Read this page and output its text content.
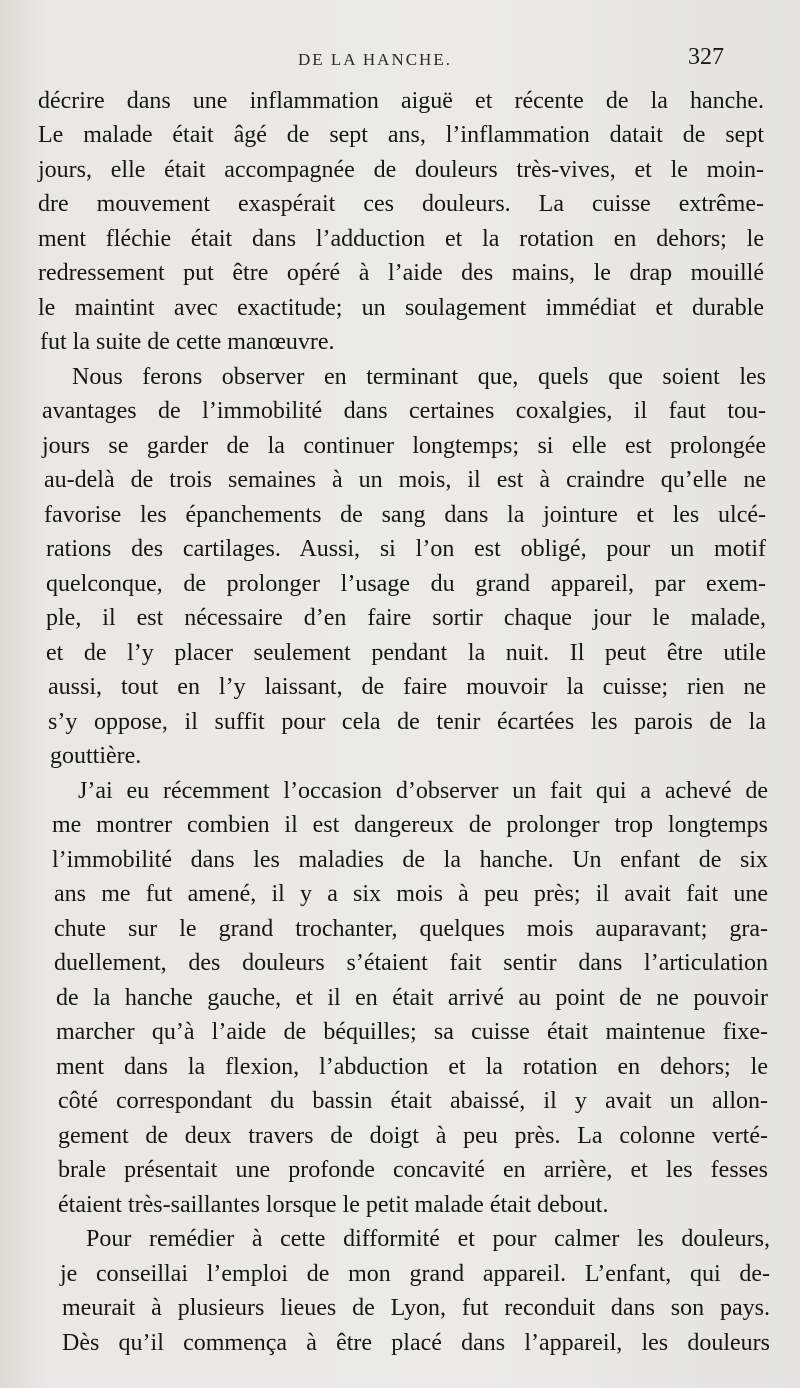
DE LA HANCHE.	327
décrire dans une inflammation aiguë et récente de la hanche.
Le malade était âgé de sept ans, l’inflammation datait de sept
jours, elle était accompagnée de douleurs très-vives, et le moin-
dre mouvement exaspérait ces douleurs. La cuisse extrême-
ment fléchie était dans l’adduction et la rotation en dehors; le
redressement put être opéré à l’aide des mains, le drap mouillé
le maintint avec exactitude; un soulagement immédiat et durable
fut la suite de cette manœuvre.
Nous ferons observer en terminant que, quels que soient les
avantages de l’immobilité dans certaines coxalgies, il faut tou-
jours se garder de la continuer longtemps; si elle est prolongée
au-delà de trois semaines à un mois, il est à craindre qu’elle ne
favorise les épanchements de sang dans la jointure et les ulcé-
rations des cartilages. Aussi, si l’on est obligé, pour un motif
quelconque, de prolonger l’usage du grand appareil, par exem-
ple, il est nécessaire d’en faire sortir chaque jour le malade,
et de l’y placer seulement pendant la nuit. Il peut être utile
aussi, tout en l’y laissant, de faire mouvoir la cuisse; rien ne
s’y oppose, il suffit pour cela de tenir écartées les parois de la
gouttière.
J’ai eu récemment l’occasion d’observer un fait qui a achevé de
me montrer combien il est dangereux de prolonger trop longtemps
l’immobilité dans les maladies de la hanche. Un enfant de six
ans me fut amené, il y a six mois à peu près; il avait fait une
chute sur le grand trochanter, quelques mois auparavant; gra-
duellement, des douleurs s’étaient fait sentir dans l’articulation
de la hanche gauche, et il en était arrivé au point de ne pouvoir
marcher qu’à l’aide de béquilles; sa cuisse était maintenue fixe-
ment dans la flexion, l’abduction et la rotation en dehors; le
côté correspondant du bassin était abaissé, il y avait un allon-
gement de deux travers de doigt à peu près. La colonne verté-
brale présentait une profonde concavité en arrière, et les fesses
étaient très-saillantes lorsque le petit malade était debout.
Pour remédier à cette difformité et pour calmer les douleurs,
je conseillai l’emploi de mon grand appareil. L’enfant, qui de-
meurait à plusieurs lieues de Lyon, fut reconduit dans son pays.
Dès qu’il commença à être placé dans l’appareil, les douleurs
